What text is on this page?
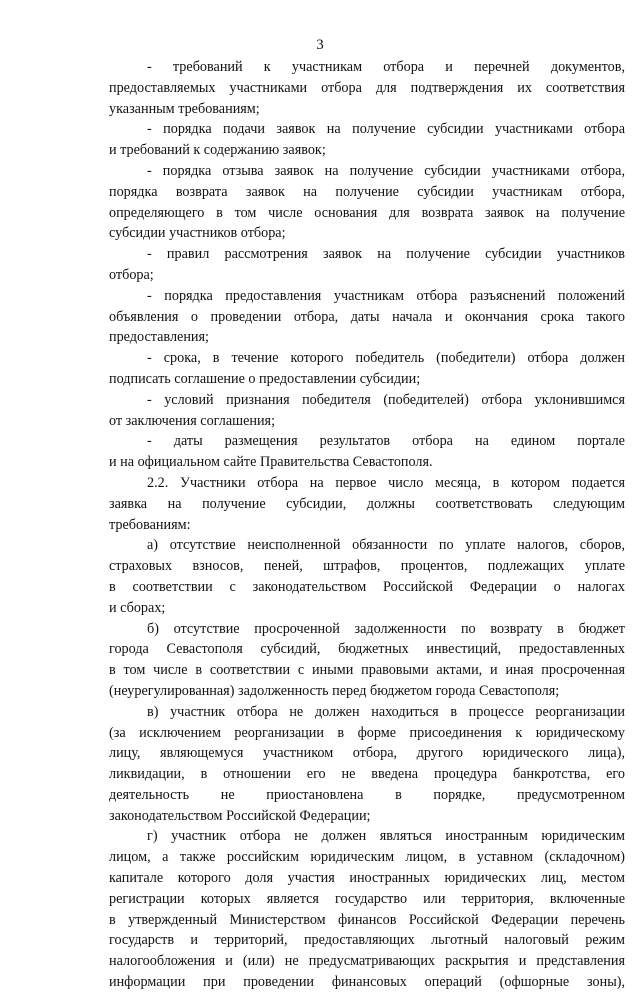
3
- требований к участникам отбора и перечней документов,
предоставляемых участниками отбора для подтверждения их соответствия
указанным требованиям;
- порядка подачи заявок на получение субсидии участниками отбора
и требований к содержанию заявок;
- порядка отзыва заявок на получение субсидии участниками отбора,
порядка возврата заявок на получение субсидии участникам отбора,
определяющего в том числе основания для возврата заявок на получение
субсидии участников отбора;
- правил рассмотрения заявок на получение субсидии участников
отбора;
- порядка предоставления участникам отбора разъяснений положений
объявления о проведении отбора, даты начала и окончания срока такого
предоставления;
- срока, в течение которого победитель (победители) отбора должен
подписать соглашение о предоставлении субсидии;
- условий признания победителя (победителей) отбора уклонившимся
от заключения соглашения;
- даты размещения результатов отбора на едином портале
и на официальном сайте Правительства Севастополя.
2.2. Участники отбора на первое число месяца, в котором подается
заявка на получение субсидии, должны соответствовать следующим
требованиям:
а) отсутствие неисполненной обязанности по уплате налогов, сборов,
страховых взносов, пеней, штрафов, процентов, подлежащих уплате
в соответствии с законодательством Российской Федерации о налогах
и сборах;
б) отсутствие просроченной задолженности по возврату в бюджет
города Севастополя субсидий, бюджетных инвестиций, предоставленных
в том числе в соответствии с иными правовыми актами, и иная просроченная
(неурегулированная) задолженность перед бюджетом города Севастополя;
в) участник отбора не должен находиться в процессе реорганизации
(за исключением реорганизации в форме присоединения к юридическому
лицу, являющемуся участником отбора, другого юридического лица),
ликвидации, в отношении его не введена процедура банкротства, его
деятельность не приостановлена в порядке, предусмотренном
законодательством Российской Федерации;
г) участник отбора не должен являться иностранным юридическим
лицом, а также российским юридическим лицом, в уставном (складочном)
капитале которого доля участия иностранных юридических лиц, местом
регистрации которых является государство или территория, включенные
в утвержденный Министерством финансов Российской Федерации перечень
государств и территорий, предоставляющих льготный налоговый режим
налогообложения и (или) не предусматривающих раскрытия и представления
информации при проведении финансовых операций (офшорные зоны),
